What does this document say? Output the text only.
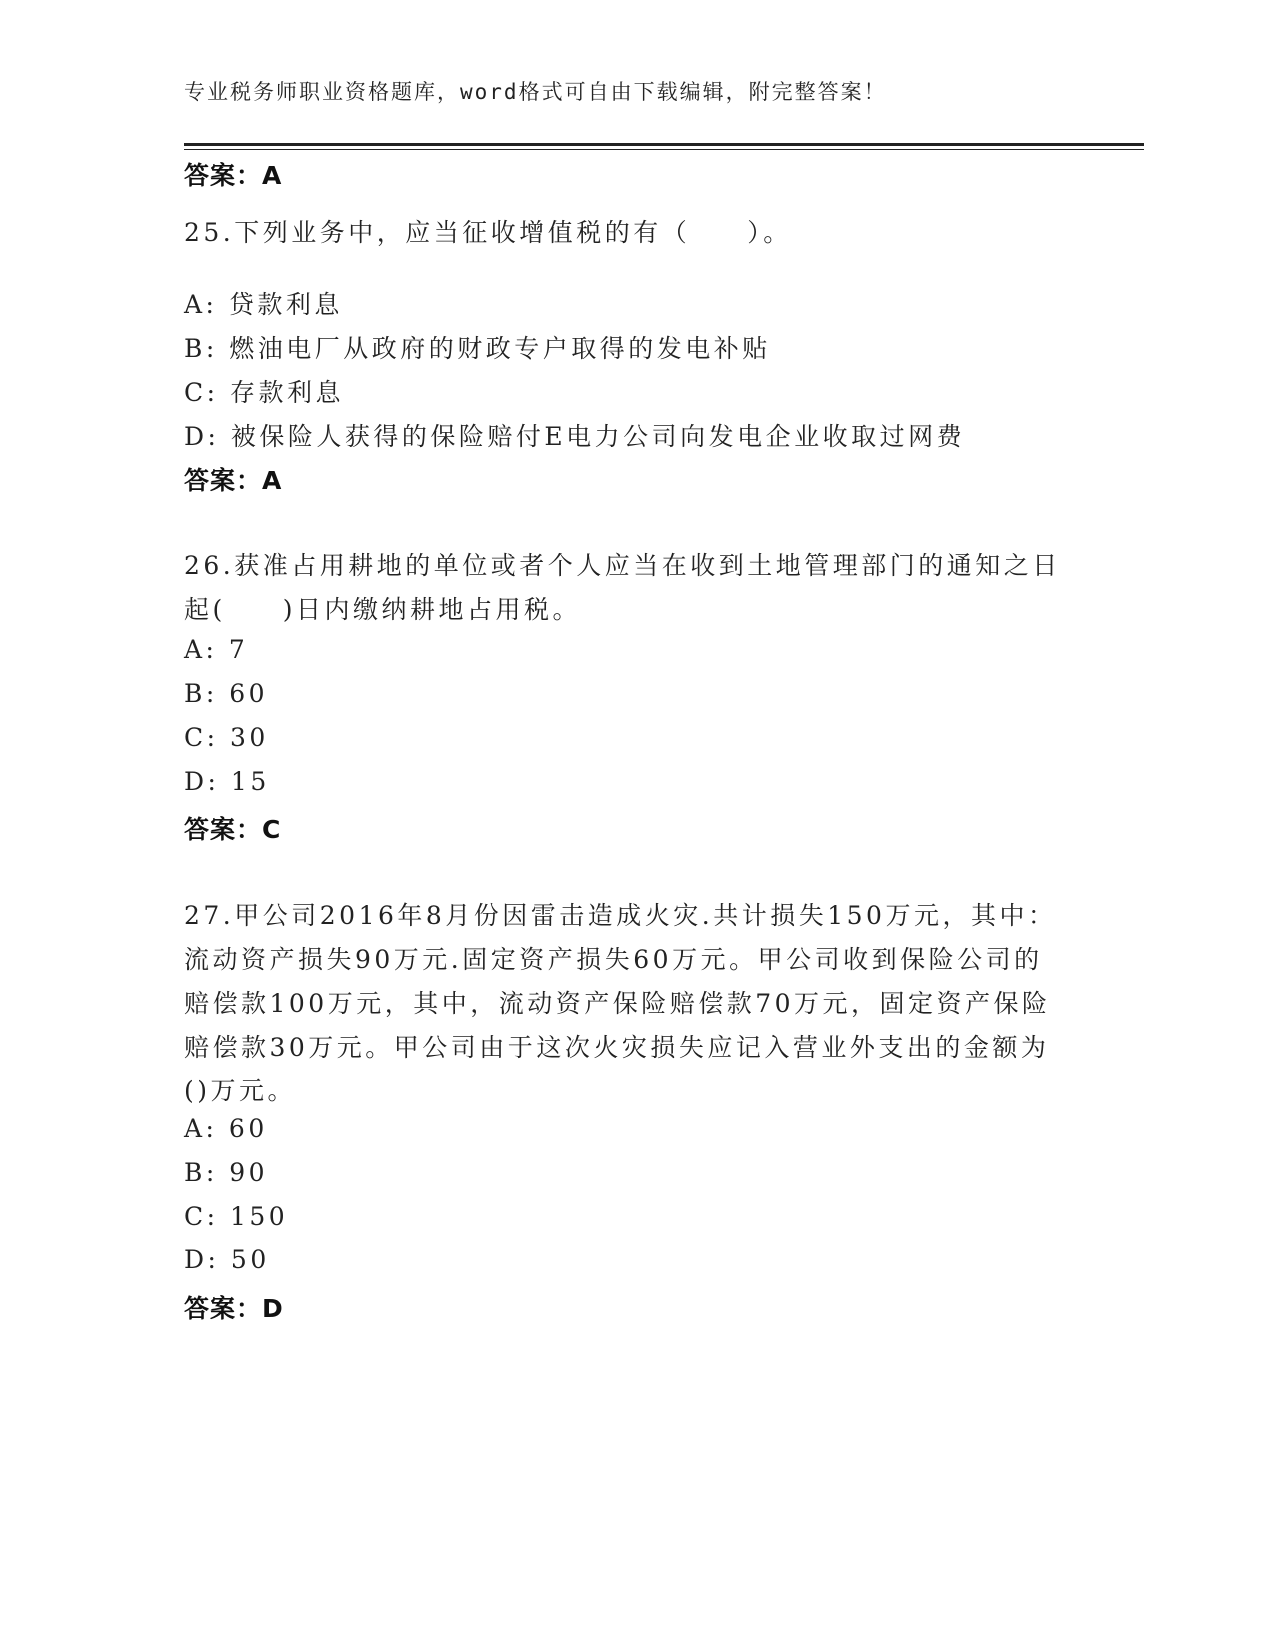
专业税务师职业资格题库，word格式可自由下载编辑，附完整答案！
答案：A
25.下列业务中，应当征收增值税的有（　　）。
A: 贷款利息
B: 燃油电厂从政府的财政专户取得的发电补贴
C: 存款利息
D: 被保险人获得的保险赔付E电力公司向发电企业收取过网费
答案：A
26.获准占用耕地的单位或者个人应当在收到土地管理部门的通知之日
起(　　)日内缴纳耕地占用税。
A: 7
B: 60
C: 30
D: 15
答案：C
27.甲公司2016年8月份因雷击造成火灾.共计损失150万元，其中：
流动资产损失90万元.固定资产损失60万元。甲公司收到保险公司的
赔偿款100万元，其中，流动资产保险赔偿款70万元，固定资产保险
赔偿款30万元。甲公司由于这次火灾损失应记入营业外支出的金额为
()万元。
A: 60
B: 90
C: 150
D: 50
答案：D
